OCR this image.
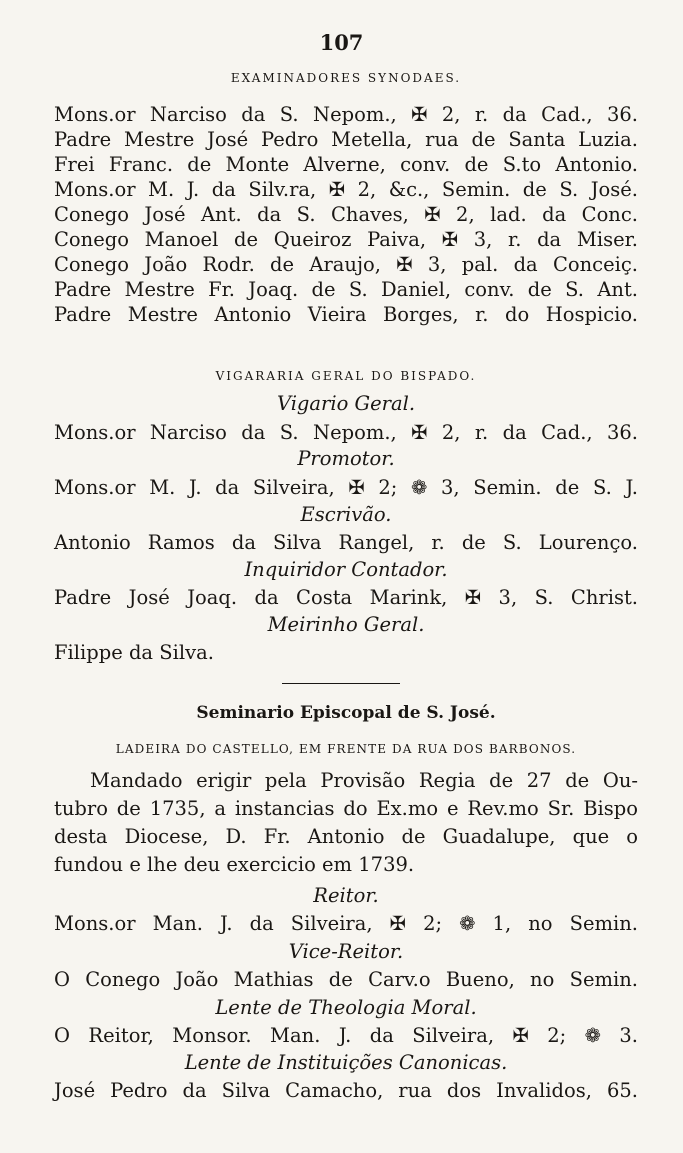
107
EXAMINADORES SYNODAES.
Mons.or Narciso da S. Nepom., ✠ 2, r. da Cad., 36.
Padre Mestre José Pedro Metella, rua de Santa Luzia.
Frei Franc. de Monte Alverne, conv. de S.to Antonio.
Mons.or M. J. da Silv.ra, ✠ 2, &c., Semin. de S. José.
Conego José Ant. da S. Chaves, ✠ 2, lad. da Conc.
Conego Manoel de Queiroz Paiva, ✠ 3, r. da Miser.
Conego João Rodr. de Araujo, ✠ 3, pal. da Conceiç.
Padre Mestre Fr. Joaq. de S. Daniel, conv. de S. Ant.
Padre Mestre Antonio Vieira Borges, r. do Hospicio.
VIGARARIA GERAL DO BISPADO.
Vigario Geral.
Mons.or Narciso da S. Nepom., ✠ 2, r. da Cad., 36.
Promotor.
Mons.or M. J. da Silveira, ✠ 2; ❁ 3, Semin. de S. J.
Escrivão.
Antonio Ramos da Silva Rangel, r. de S. Lourenço.
Inquiridor Contador.
Padre José Joaq. da Costa Marink, ✠ 3, S. Christ.
Meirinho Geral.
Filippe da Silva.
Seminario Episcopal de S. José.
LADEIRA DO CASTELLO, EM FRENTE DA RUA DOS BARBONOS.
Mandado erigir pela Provisão Regia de 27 de Ou-
tubro de 1735, a instancias do Ex.mo e Rev.mo Sr. Bispo
desta Diocese, D. Fr. Antonio de Guadalupe, que o
fundou e lhe deu exercicio em 1739.
Reitor.
Mons.or Man. J. da Silveira, ✠ 2; ❁ 1, no Semin.
Vice-Reitor.
O Conego João Mathias de Carv.o Bueno, no Semin.
Lente de Theologia Moral.
O Reitor, Monsor. Man. J. da Silveira, ✠ 2; ❁ 3.
Lente de Instituições Canonicas.
José Pedro da Silva Camacho, rua dos Invalidos, 65.
